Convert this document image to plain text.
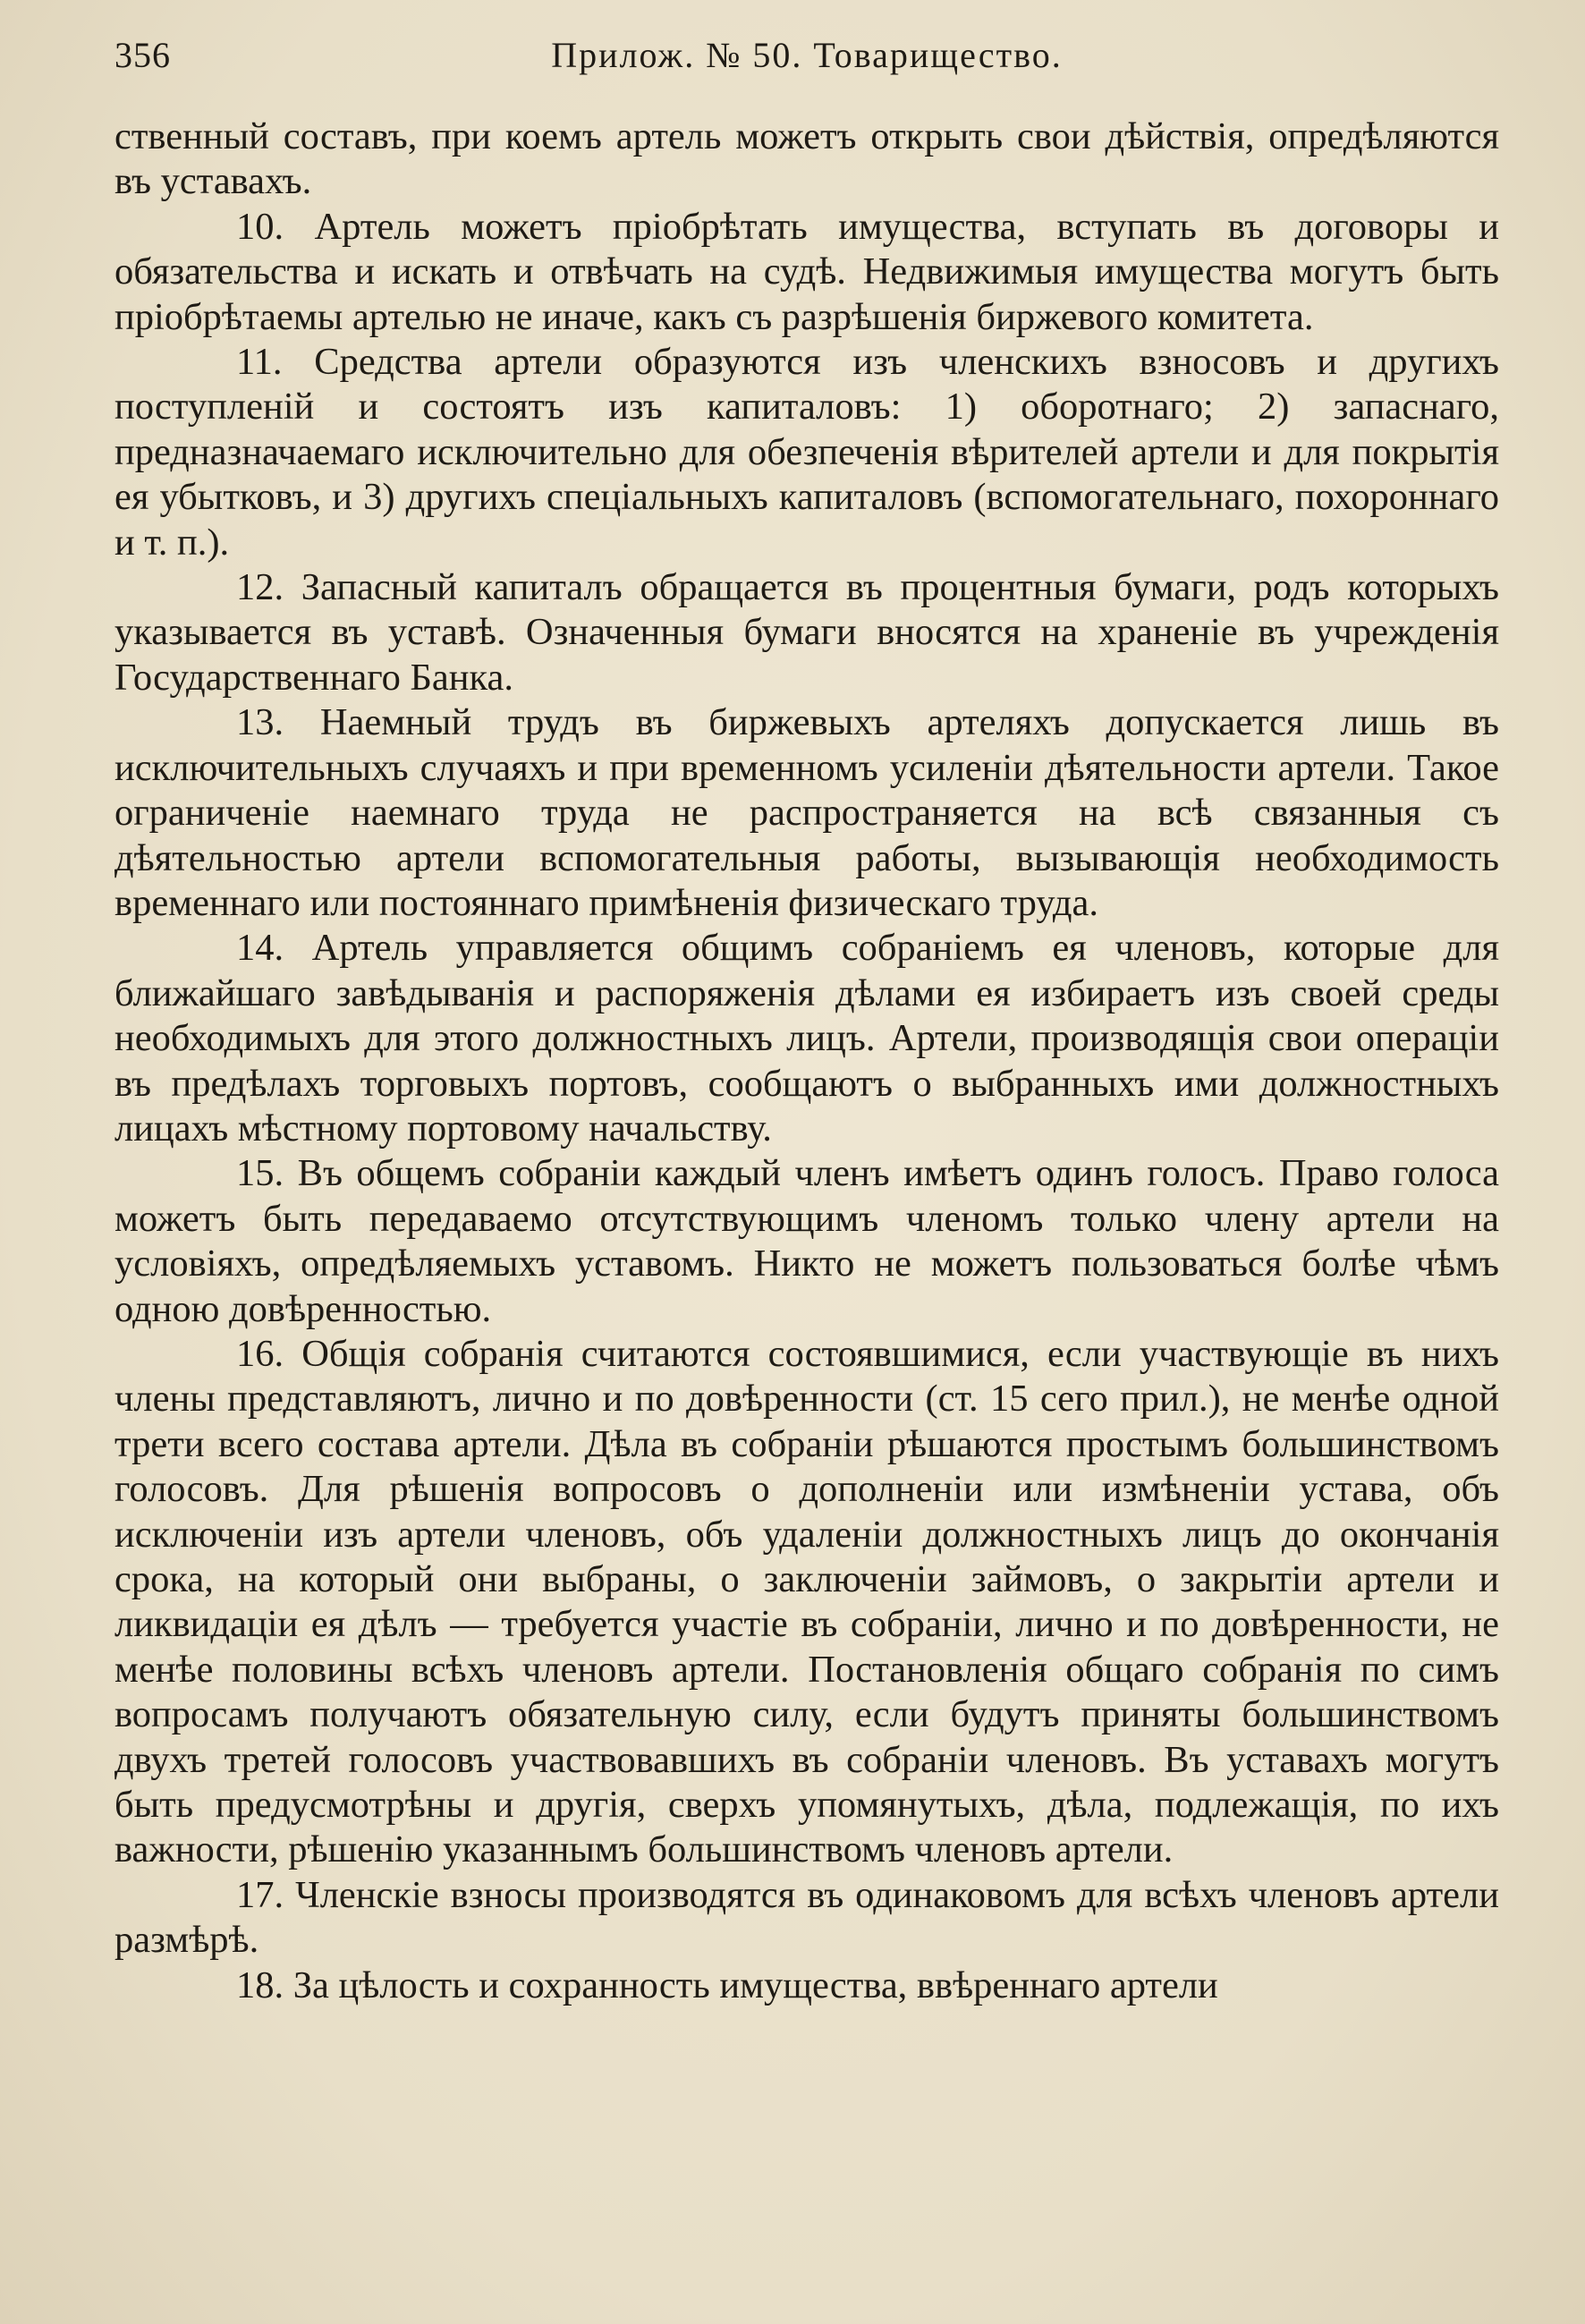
356	Прилож. № 50. Товарищество.

ственный составъ, при коемъ артель можетъ открыть свои дѣйствія, опредѣляются въ уставахъ.

10. Артель можетъ пріобрѣтать имущества, вступать въ договоры и обязательства и искать и отвѣчать на судѣ. Недвижимыя имущества могутъ быть пріобрѣтаемы артелью не иначе, какъ съ разрѣшенія биржевого комитета.

11. Средства артели образуются изъ членскихъ взносовъ и другихъ поступленій и состоятъ изъ капиталовъ: 1) оборотнаго; 2) запаснаго, предназначаемаго исключительно для обезпеченія вѣрителей артели и для покрытія ея убытковъ, и 3) другихъ спеціальныхъ капиталовъ (вспомогательнаго, похороннаго и т. п.).

12. Запасный капиталъ обращается въ процентныя бумаги, родъ которыхъ указывается въ уставѣ. Означенныя бумаги вносятся на храненіе въ учрежденія Государственнаго Банка.

13. Наемный трудъ въ биржевыхъ артеляхъ допускается лишь въ исключительныхъ случаяхъ и при временномъ усиленіи дѣятельности артели. Такое ограниченіе наемнаго труда не распространяется на всѣ связанныя съ дѣятельностью артели вспомогательныя работы, вызывающія необходимость временнаго или постояннаго примѣненія физическаго труда.

14. Артель управляется общимъ собраніемъ ея членовъ, которые для ближайшаго завѣдыванія и распоряженія дѣлами ея избираетъ изъ своей среды необходимыхъ для этого должностныхъ лицъ. Артели, производящія свои операціи въ предѣлахъ торговыхъ портовъ, сообщаютъ о выбранныхъ ими должностныхъ лицахъ мѣстному портовому начальству.

15. Въ общемъ собраніи каждый членъ имѣетъ одинъ голосъ. Право голоса можетъ быть передаваемо отсутствующимъ членомъ только члену артели на условіяхъ, опредѣляемыхъ уставомъ. Никто не можетъ пользоваться болѣе чѣмъ одною довѣренностью.

16. Общія собранія считаются состоявшимися, если участвующіе въ нихъ члены представляютъ, лично и по довѣренности (ст. 15 сего прил.), не менѣе одной трети всего состава артели. Дѣла въ собраніи рѣшаются простымъ большинствомъ голосовъ. Для рѣшенія вопросовъ о дополненіи или измѣненіи устава, объ исключеніи изъ артели членовъ, объ удаленіи должностныхъ лицъ до окончанія срока, на который они выбраны, о заключеніи займовъ, о закрытіи артели и ликвидаціи ея дѣлъ — требуется участіе въ собраніи, лично и по довѣренности, не менѣе половины всѣхъ членовъ артели. Постановленія общаго собранія по симъ вопросамъ получаютъ обязательную силу, если будутъ приняты большинствомъ двухъ третей голосовъ участвовавшихъ въ собраніи членовъ. Въ уставахъ могутъ быть предусмотрѣны и другія, сверхъ упомянутыхъ, дѣла, подлежащія, по ихъ важности, рѣшенію указаннымъ большинствомъ членовъ артели.

17. Членскіе взносы производятся въ одинаковомъ для всѣхъ членовъ артели размѣрѣ.

18. За цѣлость и сохранность имущества, ввѣреннаго артели
